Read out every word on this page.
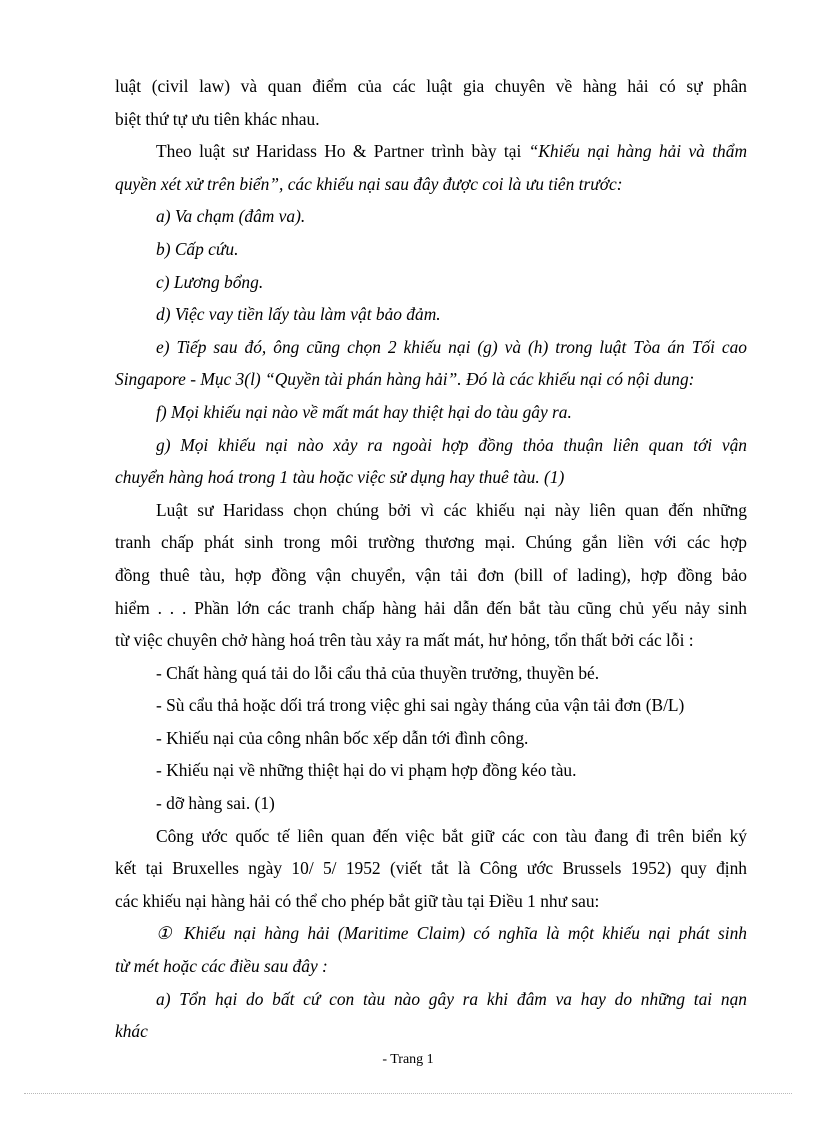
luật (civil law) và quan điểm của các luật gia chuyên về hàng hải có sự phân

biệt thứ tự ưu tiên khác nhau.

Theo luật sư Haridass Ho & Partner trình bày tại “Khiếu nại hàng hải và thẩm

quyền xét xử trên biển”, các khiếu nại sau đây được coi là ưu tiên trước:

a) Va chạm (đâm va).

b) Cấp cứu.

c) Lương bổng.

d) Việc vay tiền lấy tàu làm vật bảo đảm.

e) Tiếp sau đó, ông cũng chọn 2 khiếu nại (g) và (h) trong luật Tòa án Tối cao

Singapore - Mục 3(l) “Quyền tài phán hàng hải”. Đó là các khiếu nại có nội dung:

f) Mọi khiếu nại nào về mất mát hay thiệt hại do tàu gây ra.

g) Mọi khiếu nại nào xảy ra ngoài hợp đồng thỏa thuận liên quan tới vận

chuyển hàng hoá trong 1 tàu hoặc việc sử dụng hay thuê tàu. (1)

Luật sư Haridass chọn chúng bởi vì các khiếu nại này liên quan đến những

tranh chấp phát sinh trong môi trường thương mại. Chúng gắn liền với các hợp

đồng thuê tàu, hợp đồng vận chuyển, vận tải đơn (bill of lading), hợp đồng bảo

hiểm . . . Phần lớn các tranh chấp hàng hải dẫn đến bắt tàu cũng chủ yếu nảy sinh

từ việc chuyên chở hàng hoá trên tàu xảy ra mất mát, hư hỏng, tổn thất bởi các lỗi :

- Chất hàng quá tải do lỗi cẩu thả của thuyền trưởng, thuyền bé.

- Sù cẩu thả hoặc dối trá trong việc ghi sai ngày tháng của vận tải đơn (B/L)

- Khiếu nại của công nhân bốc xếp dẫn tới đình công.

- Khiếu nại về những thiệt hại do vi phạm hợp đồng kéo tàu.

- dỡ hàng sai. (1)

Công ước quốc tế liên quan đến việc bắt giữ các con tàu đang đi trên biển ký

kết tại Bruxelles ngày 10/ 5/ 1952 (viết tắt là Công ước Brussels 1952) quy định

các khiếu nại hàng hải có thể cho phép bắt giữ tàu tại Điều 1 như sau:

① Khiếu nại hàng hải (Maritime Claim) có nghĩa là một khiếu nại phát sinh

từ mét hoặc các điều sau đây :

a) Tổn hại do bất cứ con tàu nào gây ra khi đâm va hay do những tai nạn

khác

- Trang 1
